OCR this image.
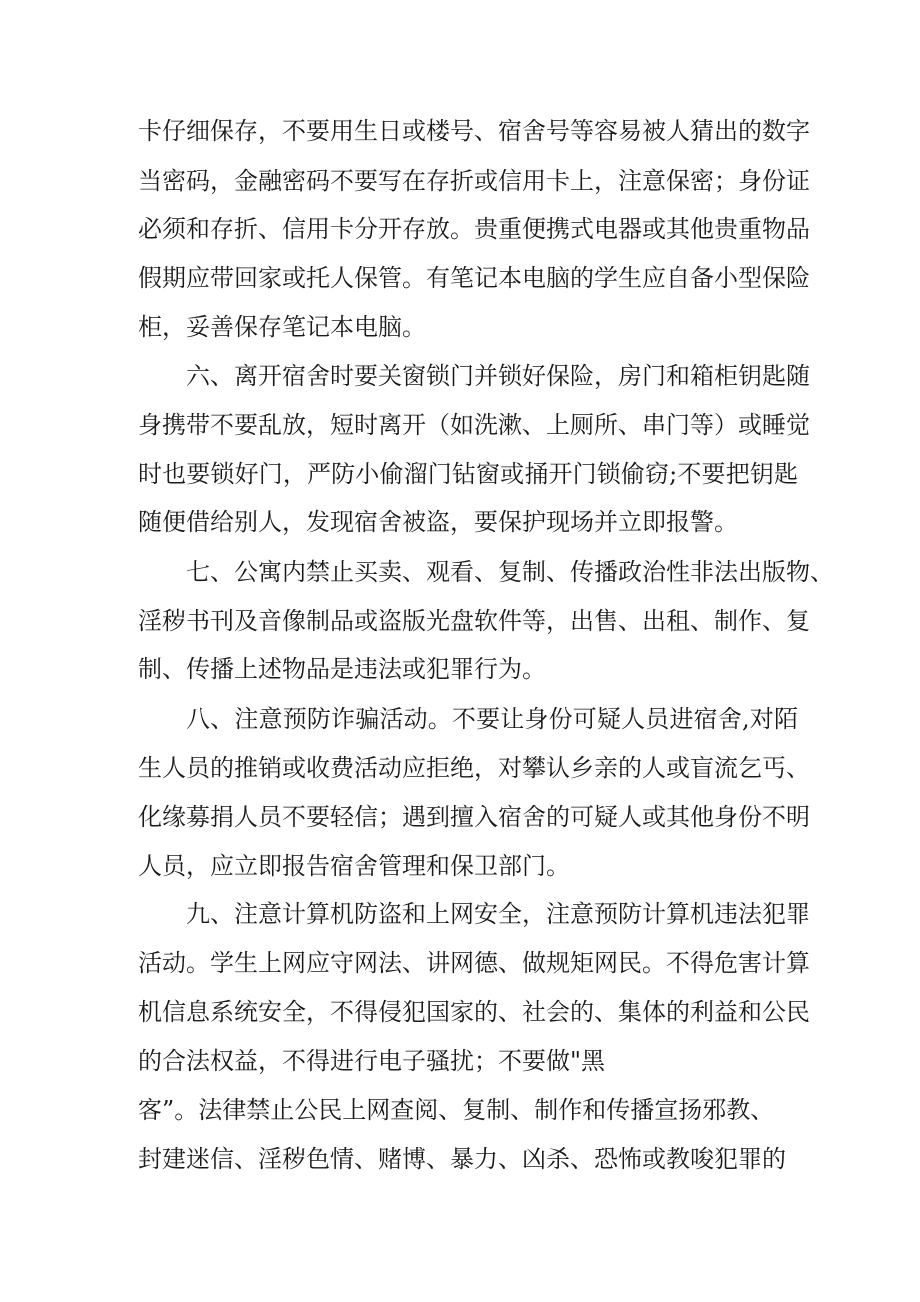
卡仔细保存，不要用生日或楼号、宿舍号等容易被人猜出的数字
当密码，金融密码不要写在存折或信用卡上，注意保密；身份证
必须和存折、信用卡分开存放。贵重便携式电器或其他贵重物品
假期应带回家或托人保管。有笔记本电脑的学生应自备小型保险
柜，妥善保存笔记本电脑。
六、离开宿舍时要关窗锁门并锁好保险，房门和箱柜钥匙随
身携带不要乱放，短时离开（如洗漱、上厕所、串门等）或睡觉
时也要锁好门，严防小偷溜门钻窗或捅开门锁偷窃;不要把钥匙
随便借给别人，发现宿舍被盗，要保护现场并立即报警。
七、公寓内禁止买卖、观看、复制、传播政治性非法出版物、
淫秽书刊及音像制品或盗版光盘软件等，出售、出租、制作、复
制、传播上述物品是违法或犯罪行为。
八、注意预防诈骗活动。不要让身份可疑人员进宿舍,对陌
生人员的推销或收费活动应拒绝，对攀认乡亲的人或盲流乞丐、
化缘募捐人员不要轻信；遇到擅入宿舍的可疑人或其他身份不明
人员，应立即报告宿舍管理和保卫部门。
九、注意计算机防盗和上网安全，注意预防计算机违法犯罪
活动。学生上网应守网法、讲网德、做规矩网民。不得危害计算
机信息系统安全，不得侵犯国家的、社会的、集体的利益和公民
的合法权益，不得进行电子骚扰；不要做"黑
客”。法律禁止公民上网查阅、复制、制作和传播宣扬邪教、
封建迷信、淫秽色情、赌博、暴力、凶杀、恐怖或教唆犯罪的
